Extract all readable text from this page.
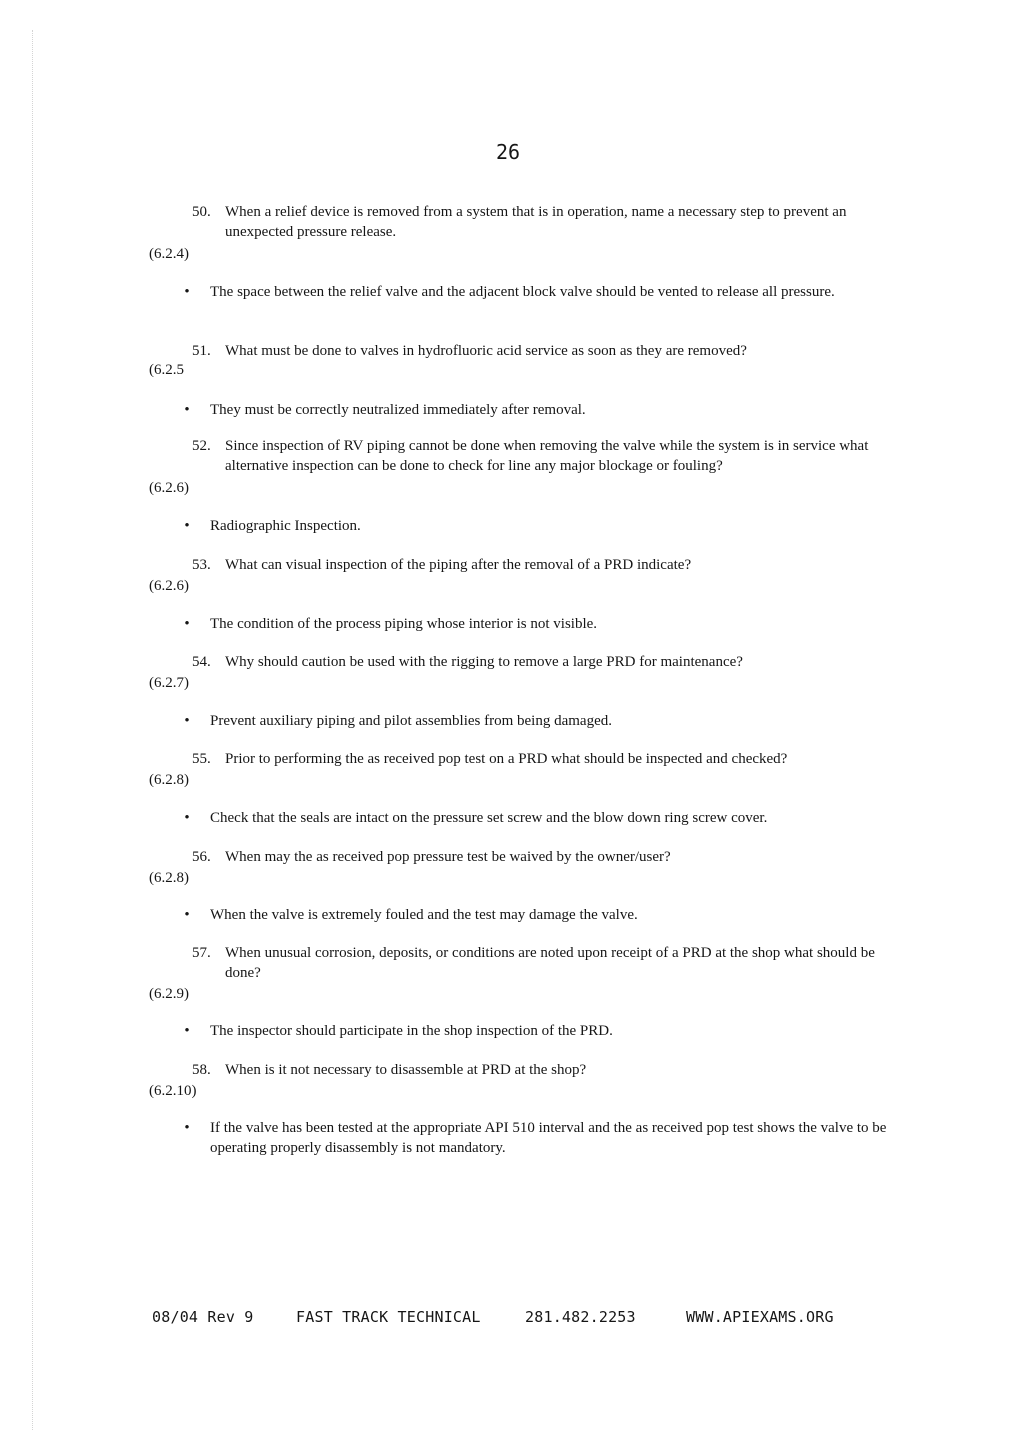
26
50. When a relief device is removed from a system that is in operation, name a necessary step to prevent an unexpected pressure release.
(6.2.4)
• The space between the relief valve and the adjacent block valve should be vented to release all pressure.
51. What must be done to valves in hydrofluoric acid service as soon as they are removed?
(6.2.5
• They must be correctly neutralized immediately after removal.
52. Since inspection of RV piping cannot be done when removing the valve while the system is in service what alternative inspection can be done to check for line any major blockage or fouling?
(6.2.6)
• Radiographic Inspection.
53. What can visual inspection of the piping after the removal of a PRD indicate?
(6.2.6)
• The condition of the process piping whose interior is not visible.
54. Why should caution be used with the rigging to remove a large PRD for maintenance?
(6.2.7)
• Prevent auxiliary piping and pilot assemblies from being damaged.
55. Prior to performing the as received pop test on a PRD what should be inspected and checked?
(6.2.8)
• Check that the seals are intact on the pressure set screw and the blow down ring screw cover.
56. When may the as received pop pressure test be waived by the owner/user?
(6.2.8)
• When the valve is extremely fouled and the test may damage the valve.
57. When unusual corrosion, deposits, or conditions are noted upon receipt of a PRD at the shop what should be done?
(6.2.9)
• The inspector should participate in the shop inspection of the PRD.
58. When is it not necessary to disassemble at PRD at the shop?
(6.2.10)
• If the valve has been tested at the appropriate API 510 interval and the as received pop test shows the valve to be operating properly disassembly is not mandatory.
08/04 Rev 9	FAST TRACK TECHNICAL	281.482.2253	WWW.APIEXAMS.ORG
